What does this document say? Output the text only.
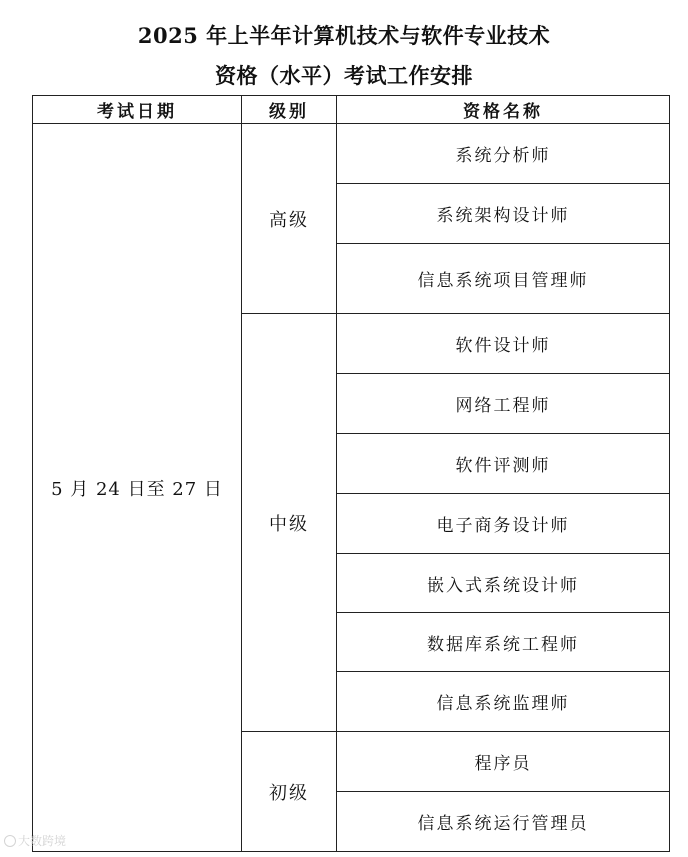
2025 年上半年计算机技术与软件专业技术
资格（水平）考试工作安排
考试日期	级别	资格名称
5 月 24 日至 27 日	高级	系统分析师
		系统架构设计师
		信息系统项目管理师
	中级	软件设计师
		网络工程师
		软件评测师
		电子商务设计师
		嵌入式系统设计师
		数据库系统工程师
		信息系统监理师
	初级	程序员
		信息系统运行管理员
大数跨境
